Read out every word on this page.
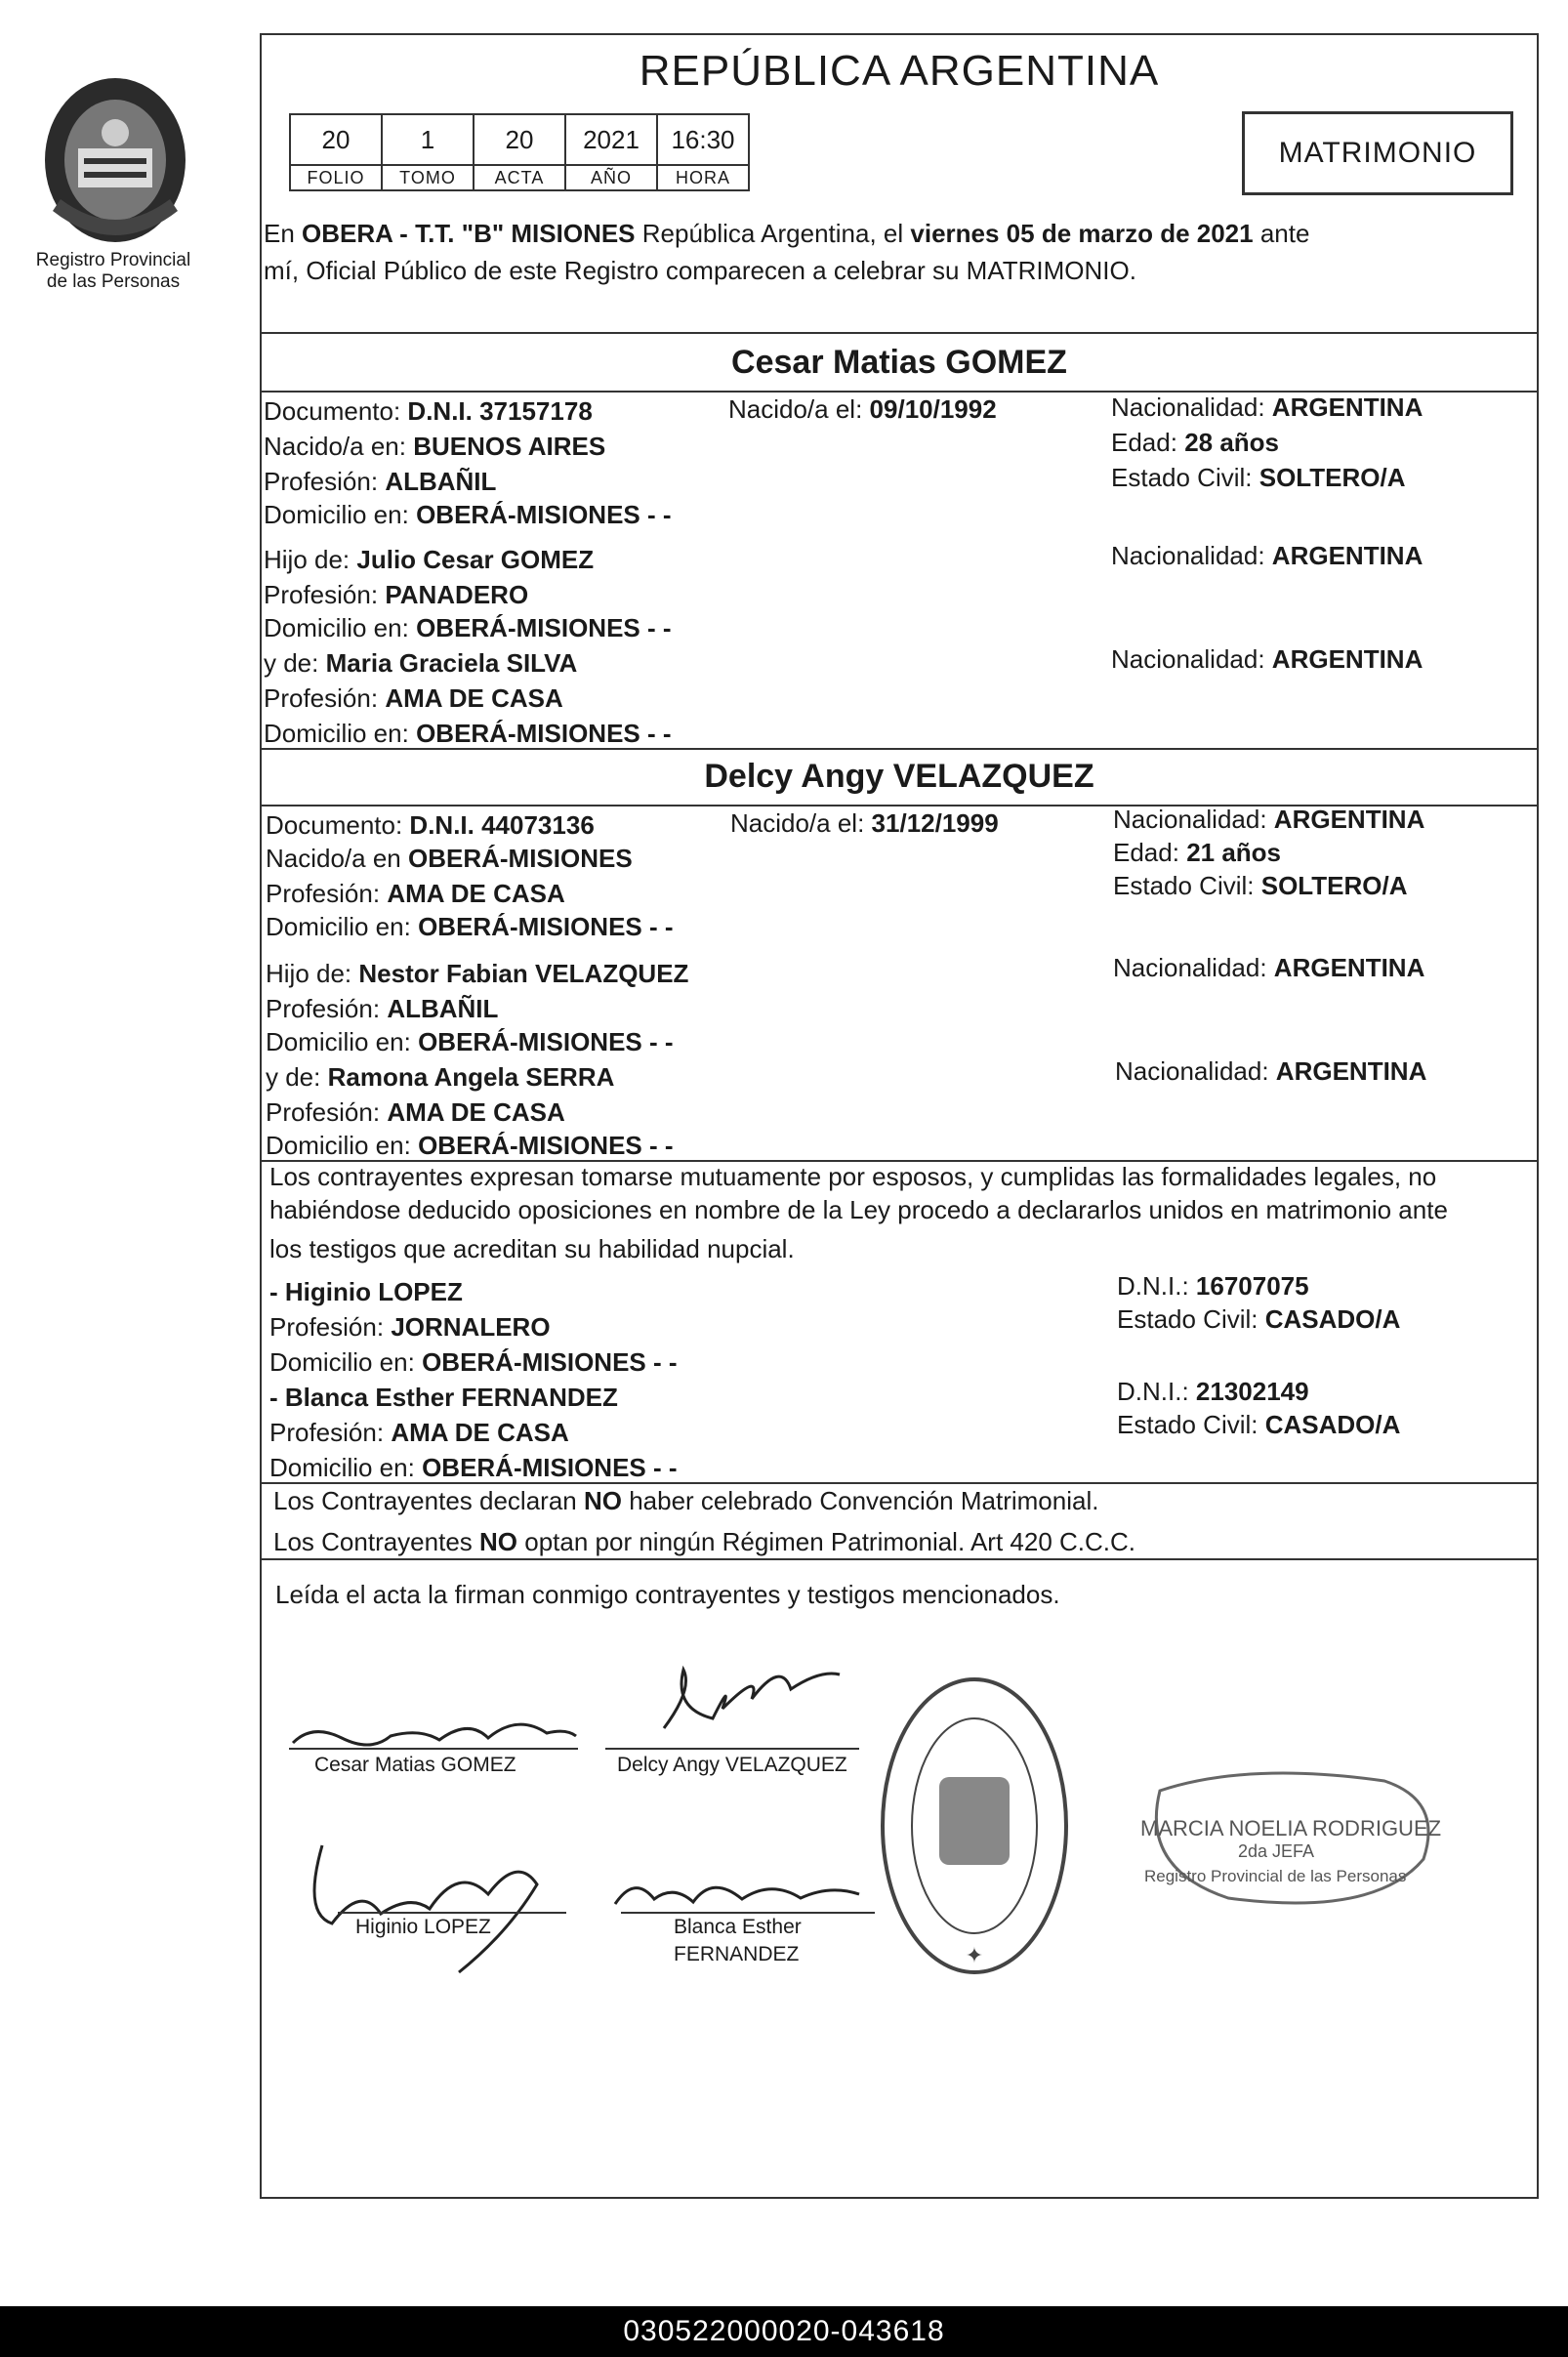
Registro Provincial
de las Personas
REPÚBLICA ARGENTINA
20	1	20	2021	16:30
FOLIO	TOMO	ACTA	AÑO	HORA
MATRIMONIO
En OBERA - T.T. "B" MISIONES República Argentina, el viernes 05 de marzo de 2021 ante
mí, Oficial Público de este Registro comparecen a celebrar su MATRIMONIO.
Cesar Matias GOMEZ
Documento: D.N.I. 37157178	Nacido/a el: 09/10/1992	Nacionalidad: ARGENTINA
Nacido/a en: BUENOS AIRES	Edad: 28 años
Profesión: ALBAÑIL	Estado Civil: SOLTERO/A
Domicilio en: OBERÁ-MISIONES - -
Hijo de: Julio Cesar GOMEZ	Nacionalidad: ARGENTINA
Profesión: PANADERO
Domicilio en: OBERÁ-MISIONES - -
y de: Maria Graciela SILVA	Nacionalidad: ARGENTINA
Profesión: AMA DE CASA
Domicilio en: OBERÁ-MISIONES - -
Delcy Angy VELAZQUEZ
Documento: D.N.I. 44073136	Nacido/a el: 31/12/1999	Nacionalidad: ARGENTINA
Nacido/a en OBERÁ-MISIONES	Edad: 21 años
Profesión: AMA DE CASA	Estado Civil: SOLTERO/A
Domicilio en: OBERÁ-MISIONES - -
Hijo de: Nestor Fabian VELAZQUEZ	Nacionalidad: ARGENTINA
Profesión: ALBAÑIL
Domicilio en: OBERÁ-MISIONES - -
y de: Ramona Angela SERRA	Nacionalidad: ARGENTINA
Profesión: AMA DE CASA
Domicilio en: OBERÁ-MISIONES - -
Los contrayentes expresan tomarse mutuamente por esposos, y cumplidas las formalidades legales, no
habiéndose deducido oposiciones en nombre de la Ley procedo a declararlos unidos en matrimonio ante
los testigos que acreditan su habilidad nupcial.
- Higinio LOPEZ	D.N.I.: 16707075
Profesión: JORNALERO	Estado Civil: CASADO/A
Domicilio en: OBERÁ-MISIONES - -
- Blanca Esther FERNANDEZ	D.N.I.: 21302149
Profesión: AMA DE CASA	Estado Civil: CASADO/A
Domicilio en: OBERÁ-MISIONES - -
Los Contrayentes declaran NO haber celebrado Convención Matrimonial.
Los Contrayentes NO optan por ningún Régimen Patrimonial. Art 420 C.C.C.
Leída el acta la firman conmigo contrayentes y testigos mencionados.
Cesar Matias GOMEZ	Delcy Angy VELAZQUEZ
Higinio LOPEZ	Blanca Esther
FERNANDEZ	✦
MARCIA NOELIA RODRIGUEZ
2da JEFA
Registro Provincial de las Personas
030522000020-043618
